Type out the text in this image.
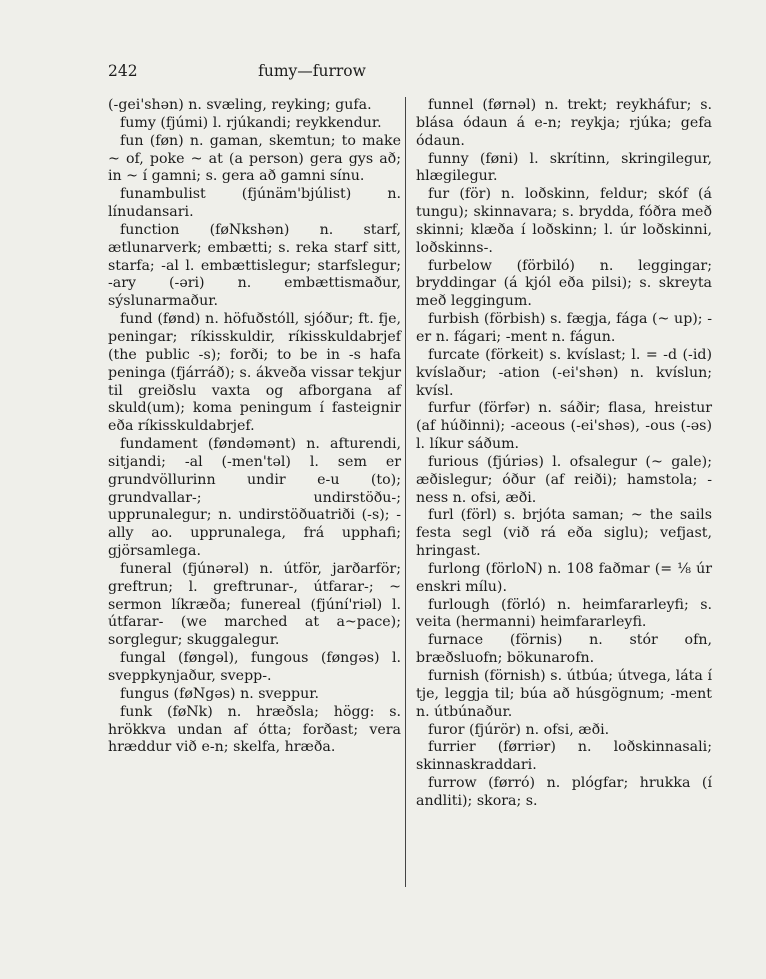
242	fumy—furrow

(-gei'shən) n. svæling, reyking; gufa.

fumy (fjúmi) l. rjúkandi; reykkendur.

fun (føn) n. gaman, skemtun; to make ~ of, poke ~ at (a person) gera gys að; in ~ í gamni; s. gera að gamni sínu.

funambulist (fjúnäm'bjúlist) n. línudansari.

function (føNkshən) n. starf, ætlunarverk; embætti; s. reka starf sitt, starfa; -al l. embættislegur; starfslegur; -ary (-əri) n. embættismaður, sýslunarmaður.

fund (fønd) n. höfuðstóll, sjóður; ft. fje, peningar; ríkisskuldir, ríkisskuldabrjef (the public -s); forði; to be in -s hafa peninga (fjárráð); s. ákveða vissar tekjur til greiðslu vaxta og afborgana af skuld(um); koma peningum í fasteignir eða ríkisskuldabrjef.

fundament (føndəmənt) n. afturendi, sitjandi; -al (-men'təl) l. sem er grundvöllurinn undir e-u (to); grundvallar-; undirstöðu-; upprunalegur; n. undirstöðuatriði (-s); -ally ao. upprunalega, frá upphafi; gjörsamlega.

funeral (fjúnərəl) n. útför, jarðarför; greftrun; l. greftrunar-, útfarar-; ~ sermon líkræða; funereal (fjúní'riəl) l. útfarar- (we marched at a~pace); sorglegur; skuggalegur.

fungal (føngəl), fungous (føngəs) l. sveppkynjaður, svepp-.

fungus (føNgəs) n. sveppur.

funk (føNk) n. hræðsla; högg: s. hrökkva undan af ótta; forðast; vera hræddur við e-n; skelfa, hræða.

funnel (førnəl) n. trekt; reykháfur; s. blása ódaun á e-n; reykja; rjúka; gefa ódaun.

funny (føni) l. skrítinn, skringilegur, hlægilegur.

fur (för) n. loðskinn, feldur; skóf (á tungu); skinnavara; s. brydda, fóðra með skinni; klæða í loðskinn; l. úr loðskinni, loðskinns-.

furbelow (förbiló) n. leggingar; bryddingar (á kjól eða pilsi); s. skreyta með leggingum.

furbish (förbish) s. fægja, fága (~ up); -er n. fágari; -ment n. fágun.

furcate (förkeit) s. kvíslast; l. = -d (-id) kvíslaður; -ation (-ei'shən) n. kvíslun; kvísl.

furfur (förfər) n. sáðir; flasa, hreistur (af húðinni); -aceous (-ei'shəs), -ous (-əs) l. líkur sáðum.

furious (fjúriəs) l. ofsalegur (~ gale); æðislegur; óður (af reiði); hamstola; -ness n. ofsi, æði.

furl (förl) s. brjóta saman; ~ the sails festa segl (við rá eða siglu); vefjast, hringast.

furlong (förloN) n. 108 faðmar (= ⅛ úr enskri mílu).

furlough (förló) n. heimfararleyfi; s. veita (hermanni) heimfararleyfi.

furnace (förnis) n. stór ofn, bræðsluofn; bökunarofn.

furnish (förnish) s. útbúa; útvega, láta í tje, leggja til; búa að húsgögnum; -ment n. útbúnaður.

furor (fjúrör) n. ofsi, æði.

furrier (førriər) n. loðskinnasali; skinnaskraddari.

furrow (førró) n. plógfar; hrukka (í andliti); skora; s.
